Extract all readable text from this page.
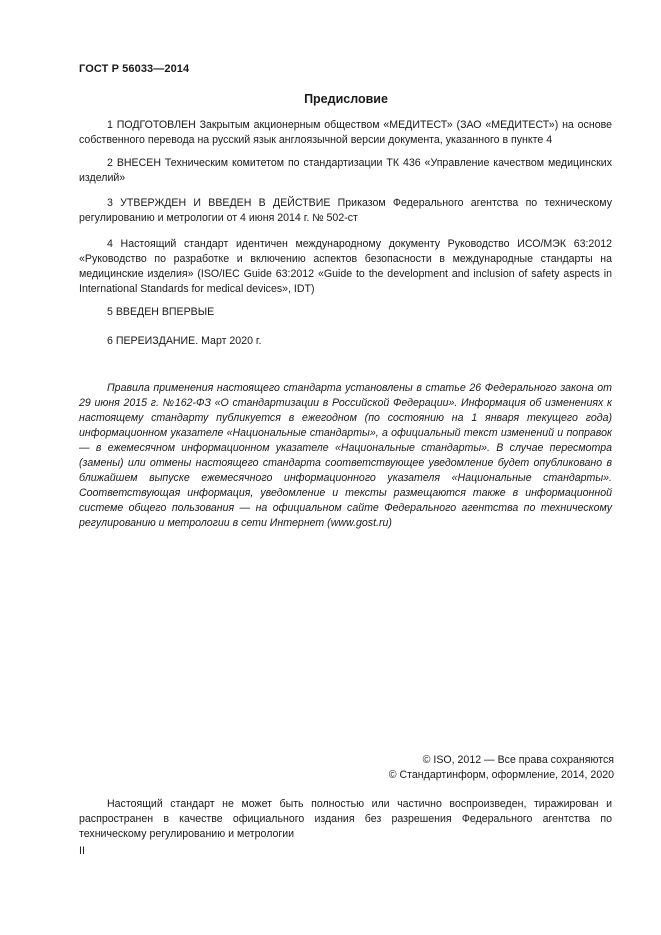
ГОСТ Р 56033—2014
Предисловие

1 ПОДГОТОВЛЕН Закрытым акционерным обществом «МЕДИТЕСТ» (ЗАО «МЕДИТЕСТ») на основе собственного перевода на русский язык англоязычной версии документа, указанного в пункте 4

2 ВНЕСЕН Техническим комитетом по стандартизации ТК 436 «Управление качеством медицинских изделий»

3 УТВЕРЖДЕН И ВВЕДЕН В ДЕЙСТВИЕ Приказом Федерального агентства по техническому регулированию и метрологии от 4 июня 2014 г. № 502-ст

4 Настоящий стандарт идентичен международному документу Руководство ИСО/МЭК 63:2012 «Руководство по разработке и включению аспектов безопасности в международные стандарты на медицинские изделия» (ISO/IEC Guide 63:2012 «Guide to the development and inclusion of safety aspects in International Standards for medical devices», IDT)

5 ВВЕДЕН ВПЕРВЫЕ

6 ПЕРЕИЗДАНИЕ. Март 2020 г.

Правила применения настоящего стандарта установлены в статье 26 Федерального закона от 29 июня 2015 г. №162-ФЗ «О стандартизации в Российской Федерации». Информация об изменениях к настоящему стандарту публикуется в ежегодном (по состоянию на 1 января текущего года) информационном указателе «Национальные стандарты», а официальный текст изменений и поправок — в ежемесячном информационном указателе «Национальные стандарты». В случае пересмотра (замены) или отмены настоящего стандарта соответствующее уведомление будет опубликовано в ближайшем выпуске ежемесячного информационного указателя «Национальные стандарты». Соответствующая информация, уведомление и тексты размещаются также в информационной системе общего пользования — на официальном сайте Федерального агентства по техническому регулированию и метрологии в сети Интернет (www.gost.ru)

© ISO, 2012 — Все права сохраняются
© Стандартинформ, оформление, 2014, 2020

Настоящий стандарт не может быть полностью или частично воспроизведен, тиражирован и распространен в качестве официального издания без разрешения Федерального агентства по техническому регулированию и метрологии

II
